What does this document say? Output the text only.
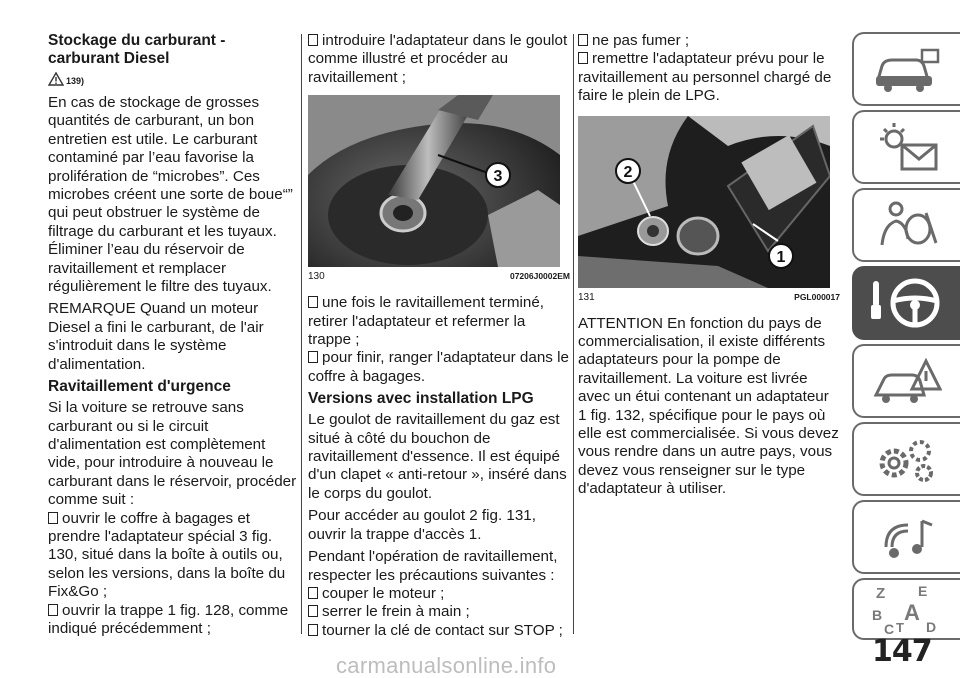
Stockage du carburant - carburant Diesel
139)

En cas de stockage de grosses quantités de carburant, un bon entretien est utile. Le carburant contaminé par l’eau favorise la prolifération de “microbes”. Ces microbes créent une sorte de boue“” qui peut obstruer le système de filtrage du carburant et les tuyaux. Éliminer l’eau du réservoir de ravitaillement et remplacer régulièrement le filtre des tuyaux.

REMARQUE Quand un moteur Diesel a fini le carburant, de l'air s'introduit dans le système d'alimentation.

Ravitaillement d'urgence

Si la voiture se retrouve sans carburant ou si le circuit d'alimentation est complètement vide, pour introduire à nouveau le carburant dans le réservoir, procéder comme suit :

ouvrir le coffre à bagages et prendre l'adaptateur spécial 3 fig. 130, situé dans la boîte à outils ou, selon les versions, dans la boîte du Fix&Go ;
ouvrir la trappe 1 fig. 128, comme indiqué précédemment ;
introduire l'adaptateur dans le goulot comme illustré et procéder au ravitaillement ;
3
130	07206J0002EM
une fois le ravitaillement terminé, retirer l'adaptateur et refermer la trappe ;
pour finir, ranger l'adaptateur dans le coffre à bagages.
Versions avec installation LPG

Le goulot de ravitaillement du gaz est situé à côté du bouchon de ravitaillement d'essence. Il est équipé d'un clapet « anti-retour », inséré dans le corps du goulot.

Pour accéder au goulot 2 fig. 131, ouvrir la trappe d'accès 1.

Pendant l'opération de ravitaillement, respecter les précautions suivantes :

couper le moteur ;
serrer le frein à main ;
tourner la clé de contact sur STOP ;
ne pas fumer ;
remettre l'adaptateur prévu pour le ravitaillement au personnel chargé de faire le plein de LPG.
2
1
131	PGL000017

ATTENTION En fonction du pays de commercialisation, il existe différents adaptateurs pour la pompe de ravitaillement. La voiture est livrée avec un étui contenant un adaptateur 1 fig. 132, spécifique pour le pays où elle est commercialisée. Si vous devez vous rendre dans un autre pays, vous devez vous renseigner sur le type d'adaptateur à utiliser.

Z E
B A
C T D
147
carmanualsonline.info
